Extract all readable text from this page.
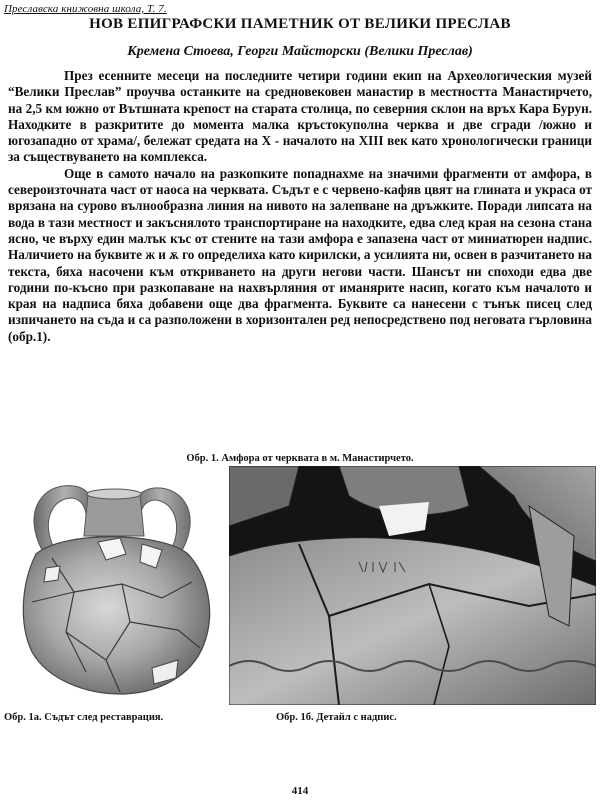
Преславска книжовна школа, Т. 7.
НОВ ЕПИГРАФСКИ ПАМЕТНИК ОТ ВЕЛИКИ ПРЕСЛАВ
Кремена Стоева, Георги Майсторски (Велики Преслав)

През есенните месеци на последните четири години екип на Археологическия музей “Велики Преслав” проучва останките на средновековен манастир в местността Манастирчето, на 2,5 км южно от Вътшната крепост на старата столица, по северния склон на връх Кара Бурун. Находките в разкритите до момента малка кръстокуполна черква и две сгради /южно и югозападно от храма/, бележат средата на Х - началото на XIII век като хронологически граници за съществуването на комплекса.

Още в самото начало на разкопките попаднахме на значими фрагменти от амфора, в североизточната част от наоса на черквата. Съдът е с червено-кафяв цвят на глината и украса от врязана на сурово вълнообразна линия на нивото на залепване на дръжките. Поради липсата на вода в тази местност и закъснялото транспортиране на находките, едва след края на сезона стана ясно, че върху един малък къс от стените на тази амфора е запазена част от миниатюрен надпис. Наличието на буквите ж и ѫ го определиха като кирилски, а усилията ни, освен в разчитането на текста, бяха насочени към откриването на други негови части. Шансът ни споходи едва две години по-късно при разкопаване на нахвърляния от иманярите насип, когато към началото и края на надписа бяха добавени още два фрагмента. Буквите са нанесени с тънък писец след изпичането на съда и са разположени в хоризонтален ред непосредствено под неговата гърловина (обр.1).

Обр. 1. Амфора от черквата в м. Манастирчето.
Обр. 1а. Съдът след реставрация.	Обр. 1б. Детайл с надпис.
414
